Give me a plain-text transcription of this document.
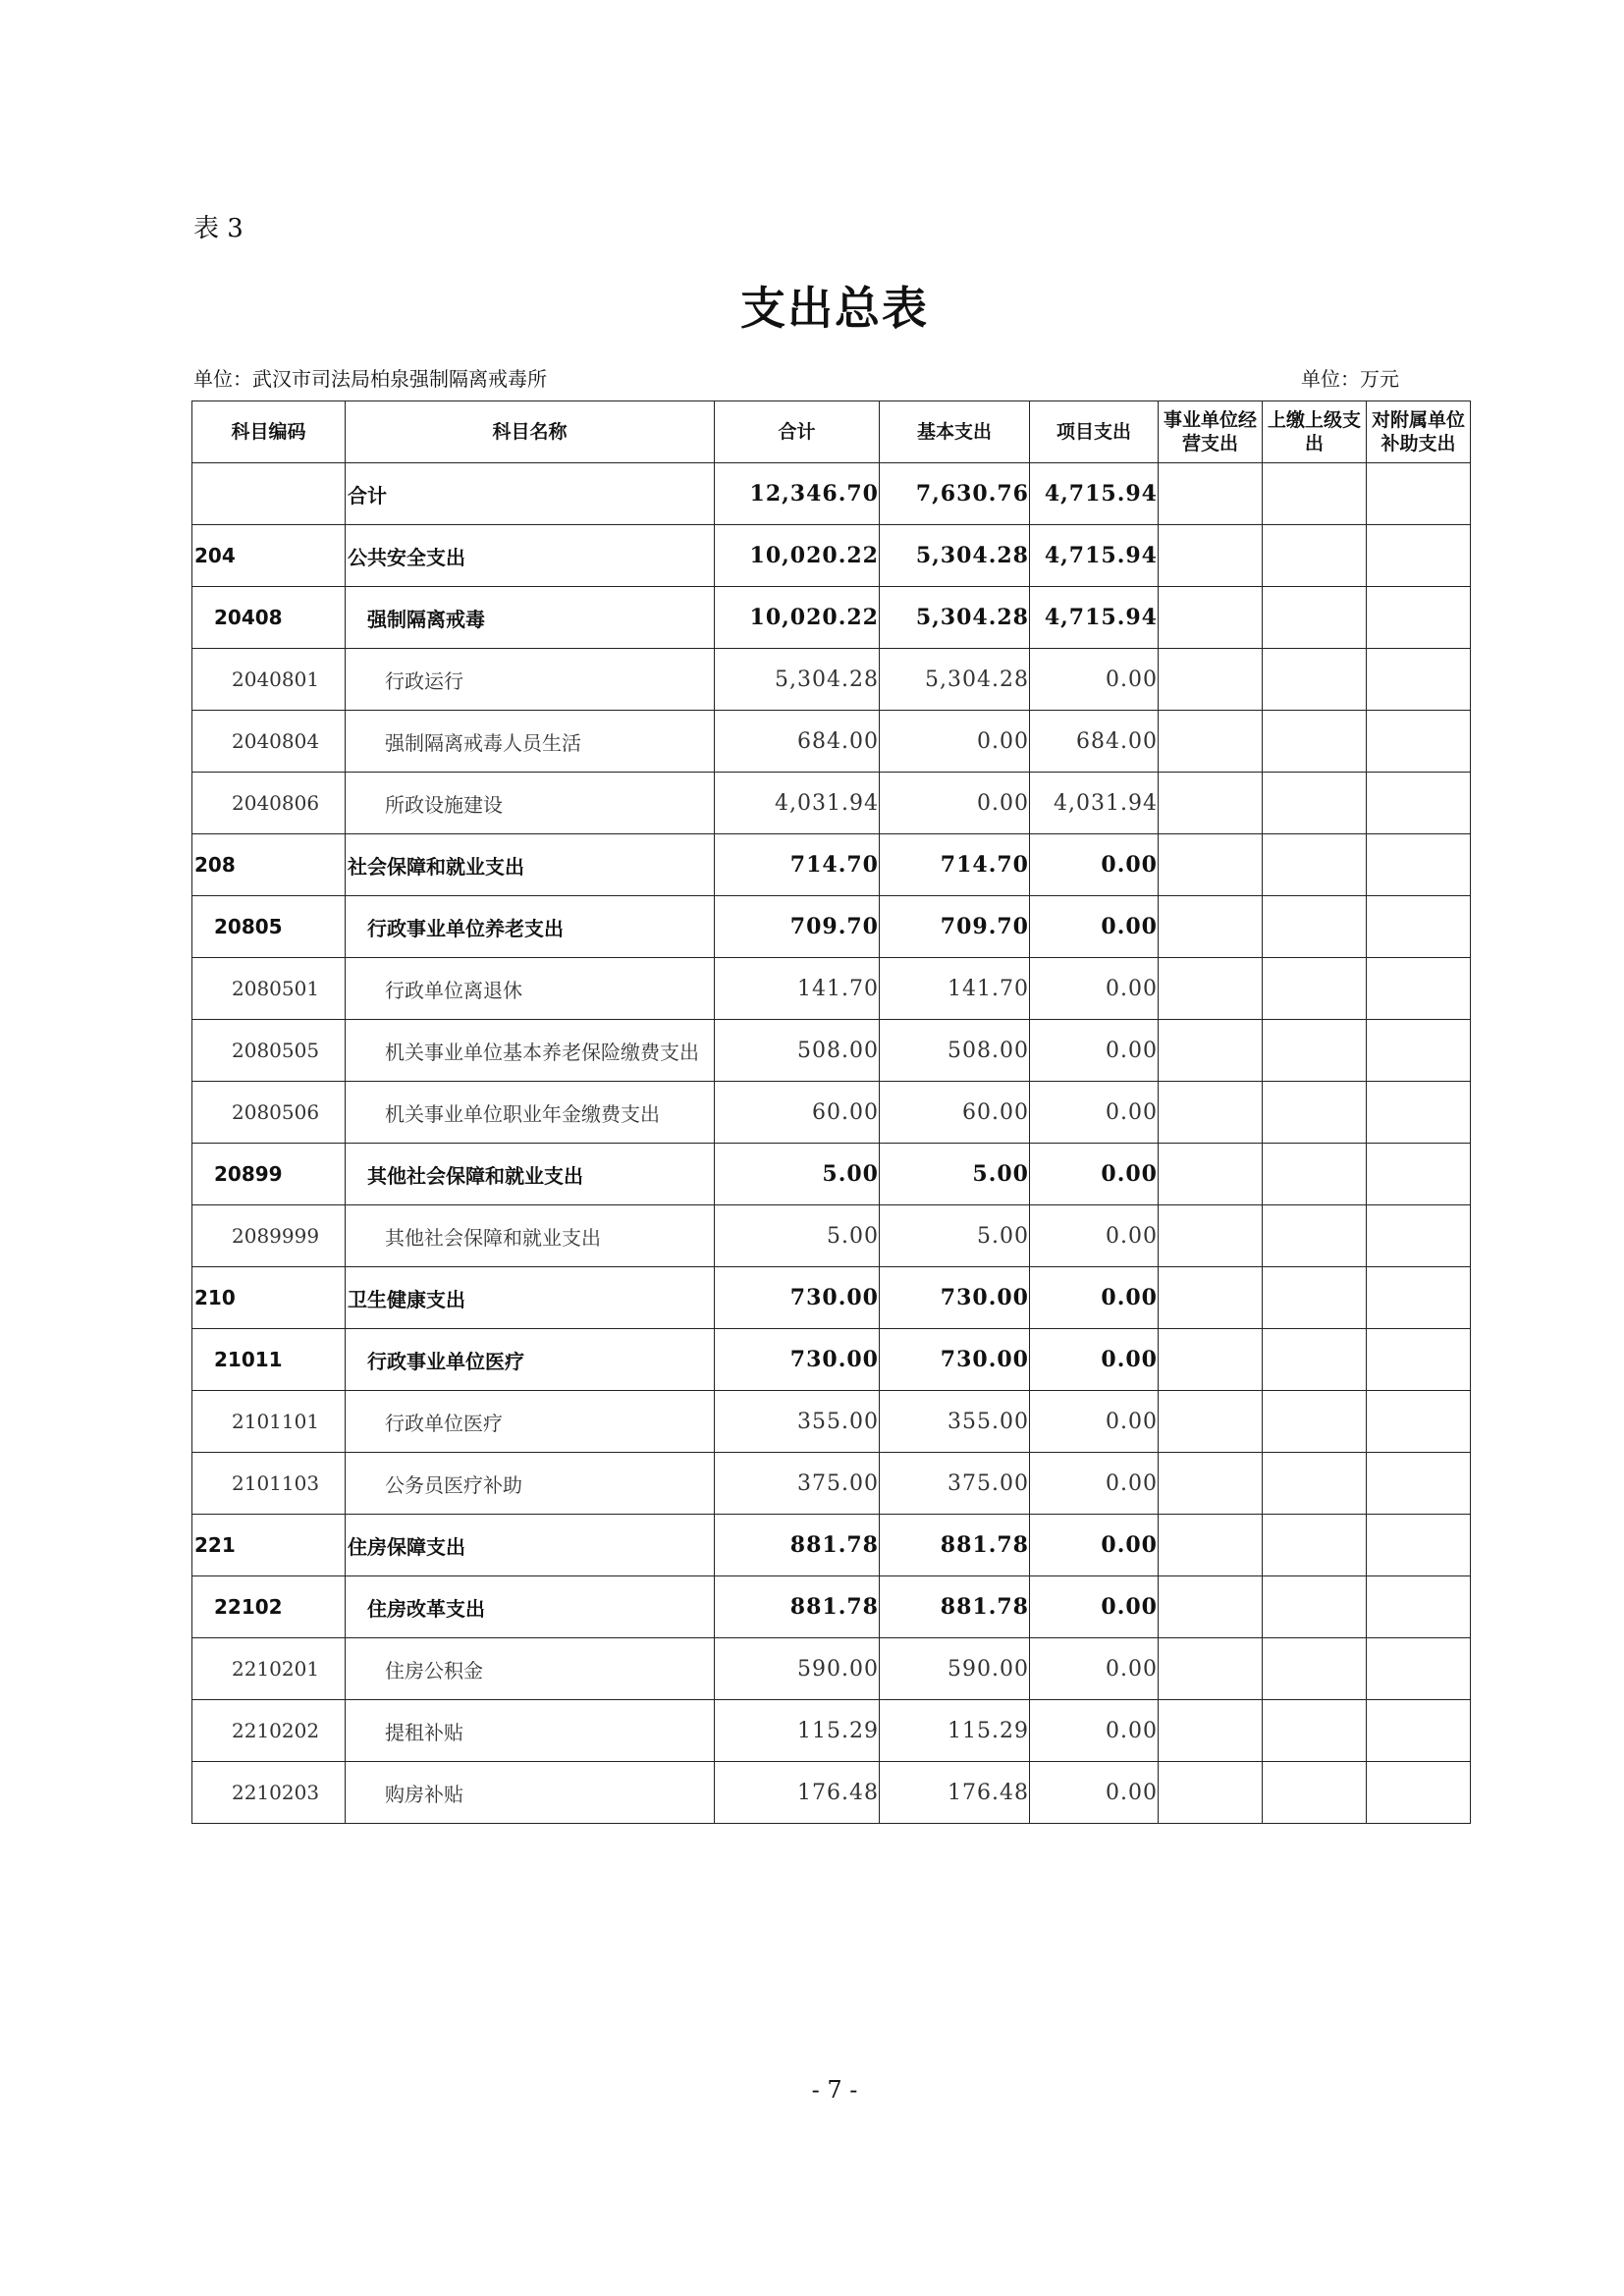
表 3
支出总表
单位：武汉市司法局柏泉强制隔离戒毒所	单位：万元
科目编码	科目名称	合计	基本支出	项目支出	事业单位经营支出	上缴上级支出	对附属单位补助支出
	合计	12,346.70	7,630.76	4,715.94			
204	公共安全支出	10,020.22	5,304.28	4,715.94			
20408	强制隔离戒毒	10,020.22	5,304.28	4,715.94			
2040801	行政运行	5,304.28	5,304.28	0.00			
2040804	强制隔离戒毒人员生活	684.00	0.00	684.00			
2040806	所政设施建设	4,031.94	0.00	4,031.94			
208	社会保障和就业支出	714.70	714.70	0.00			
20805	行政事业单位养老支出	709.70	709.70	0.00			
2080501	行政单位离退休	141.70	141.70	0.00			
2080505	机关事业单位基本养老保险缴费支出	508.00	508.00	0.00			
2080506	机关事业单位职业年金缴费支出	60.00	60.00	0.00			
20899	其他社会保障和就业支出	5.00	5.00	0.00			
2089999	其他社会保障和就业支出	5.00	5.00	0.00			
210	卫生健康支出	730.00	730.00	0.00			
21011	行政事业单位医疗	730.00	730.00	0.00			
2101101	行政单位医疗	355.00	355.00	0.00			
2101103	公务员医疗补助	375.00	375.00	0.00			
221	住房保障支出	881.78	881.78	0.00			
22102	住房改革支出	881.78	881.78	0.00			
2210201	住房公积金	590.00	590.00	0.00			
2210202	提租补贴	115.29	115.29	0.00			
2210203	购房补贴	176.48	176.48	0.00			
- 7 -
